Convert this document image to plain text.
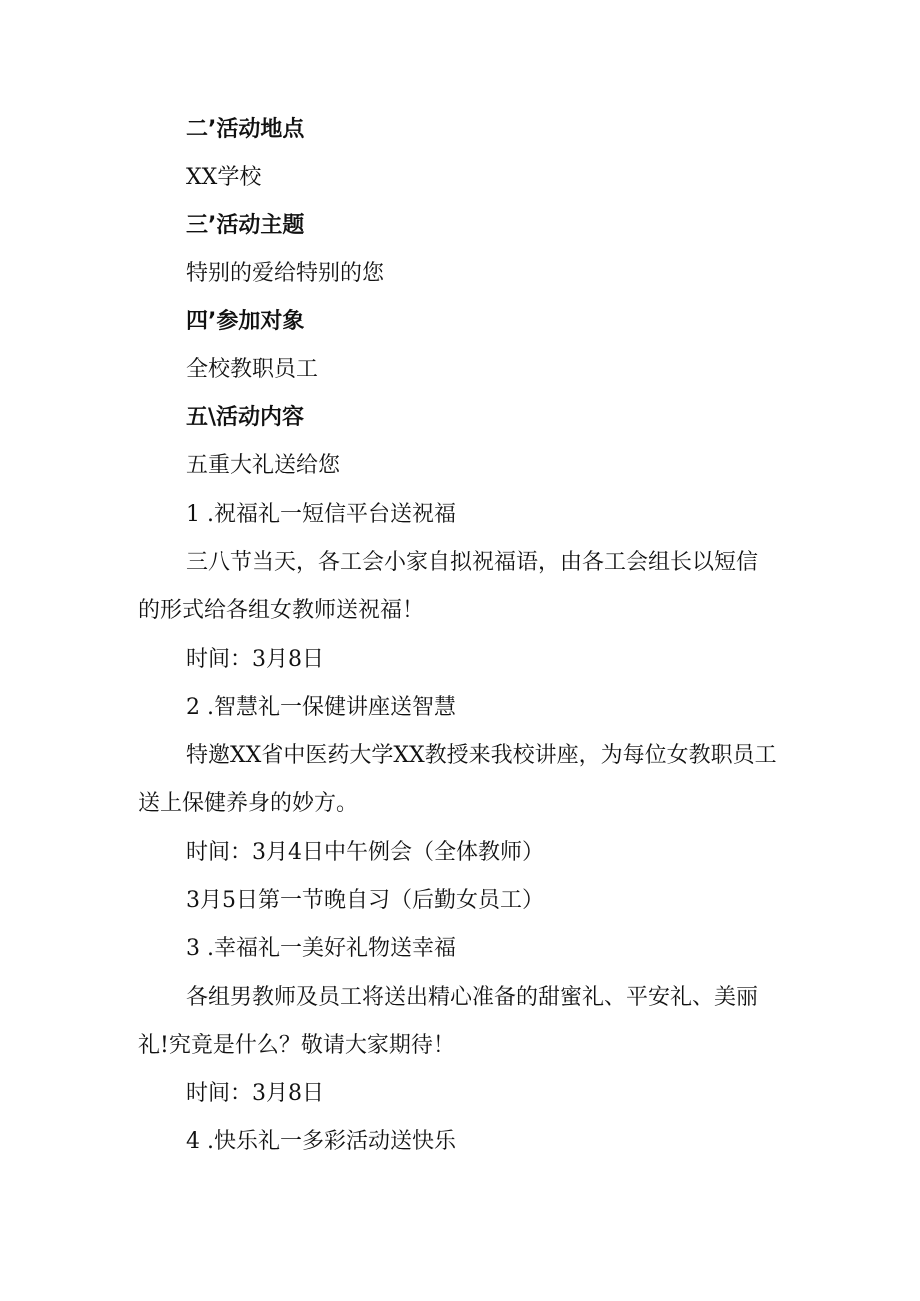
二’活动地点
XX学校
三’活动主题
特别的爱给特别的您
四’参加对象
全校教职员工
五\活动内容
五重大礼送给您
1 .祝福礼一短信平台送祝福
三八节当天，各工会小家自拟祝福语，由各工会组长以短信
的形式给各组女教师送祝福！
时间：3月8日
2 .智慧礼一保健讲座送智慧
特邀XX省中医药大学XX教授来我校讲座，为每位女教职员工
送上保健养身的妙方。
时间：3月4日中午例会（全体教师）
3月5日第一节晚自习（后勤女员工）
3 .幸福礼一美好礼物送幸福
各组男教师及员工将送出精心准备的甜蜜礼、平安礼、美丽
礼!究竟是什么？敬请大家期待！
时间：3月8日
4 .快乐礼一多彩活动送快乐
